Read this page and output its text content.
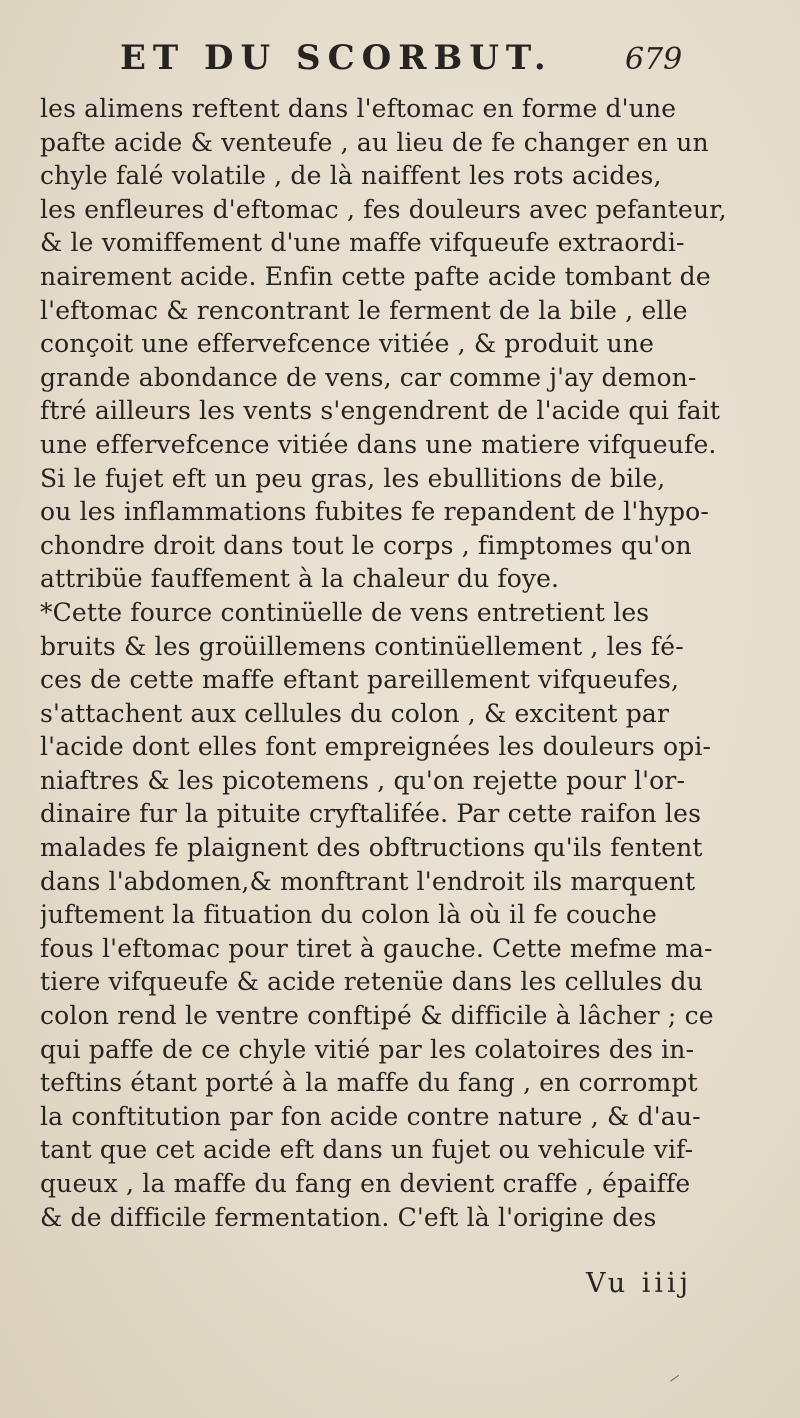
ET DU SCORBUT. 679
les alimens reftent dans l'eftomac en forme d'une
pafte acide & venteufe , au lieu de fe changer en un
chyle falé volatile , de là naiffent les rots acides,
les enfleures d'eftomac , fes douleurs avec pefanteur,
& le vomiffement d'une maffe vifqueufe extraordi-
nairement acide. Enfin cette pafte acide tombant de
l'eftomac & rencontrant le ferment de la bile , elle
conçoit une effervefcence vitiée , & produit une
grande abondance de vens, car comme j'ay demon-
ftré ailleurs les vents s'engendrent de l'acide qui fait
une effervefcence vitiée dans une matiere vifqueufe.
Si le fujet eft un peu gras, les ebullitions de bile,
ou les inflammations fubites fe repandent de l'hypo-
chondre droit dans tout le corps , fimptomes qu'on
attribüe fauffement à la chaleur du foye.
*Cette fource continüelle de vens entretient les
bruits & les groüillemens continüellement , les fé-
ces de cette maffe eftant pareillement vifqueufes,
s'attachent aux cellules du colon , & excitent par
l'acide dont elles font empreignées les douleurs opi-
niaftres & les picotemens , qu'on rejette pour l'or-
dinaire fur la pituite cryftalifée. Par cette raifon les
malades fe plaignent des obftructions qu'ils fentent
dans l'abdomen,& monftrant l'endroit ils marquent
juftement la fituation du colon là où il fe couche
fous l'eftomac pour tiret à gauche. Cette mefme ma-
tiere vifqueufe & acide retenüe dans les cellules du
colon rend le ventre conftipé & difficile à lâcher ; ce
qui paffe de ce chyle vitié par les colatoires des in-
teftins étant porté à la maffe du fang , en corrompt
la conftitution par fon acide contre nature , & d'au-
tant que cet acide eft dans un fujet ou vehicule vif-
queux , la maffe du fang en devient craffe , épaiffe
& de difficile fermentation. C'eft là l'origine des
Vu iiij
